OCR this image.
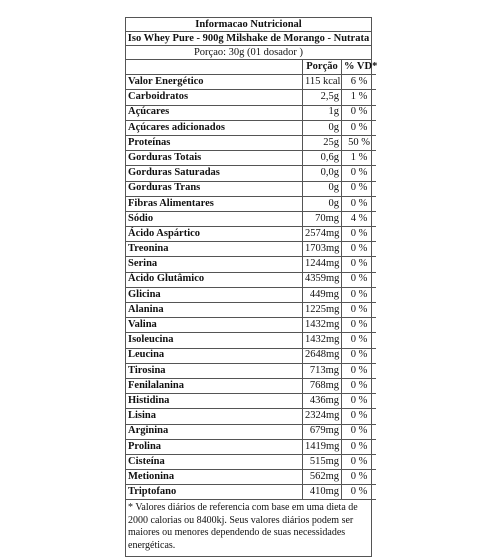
Informacao Nutricional
Iso Whey Pure - 900g Milshake de Morango - Nutrata
Porçao: 30g (01 dosador )
	Porção	% VD*
Valor Energético	115 kcal	6 %
Carboidratos	2,5g	1 %
Açúcares	1g	0 %
Açúcares adicionados	0g	0 %
Proteínas	25g	50 %
Gorduras Totais	0,6g	1 %
Gorduras Saturadas	0,0g	0 %
Gorduras Trans	0g	0 %
Fibras Alimentares	0g	0 %
Sódio	70mg	4 %
Ácido Aspártico	2574mg	0 %
Treonina	1703mg	0 %
Serina	1244mg	0 %
Ácido Glutâmico	4359mg	0 %
Glicina	449mg	0 %
Alanina	1225mg	0 %
Valina	1432mg	0 %
Isoleucina	1432mg	0 %
Leucina	2648mg	0 %
Tirosina	713mg	0 %
Fenilalanina	768mg	0 %
Histidina	436mg	0 %
Lisina	2324mg	0 %
Arginina	679mg	0 %
Prolina	1419mg	0 %
Cisteína	515mg	0 %
Metionina	562mg	0 %
Triptofano	410mg	0 %
* Valores diários de referencia com base em uma dieta de 2000 calorias ou 8400kj. Seus valores diários podem ser maiores ou menores dependendo de suas necessidades energéticas.
